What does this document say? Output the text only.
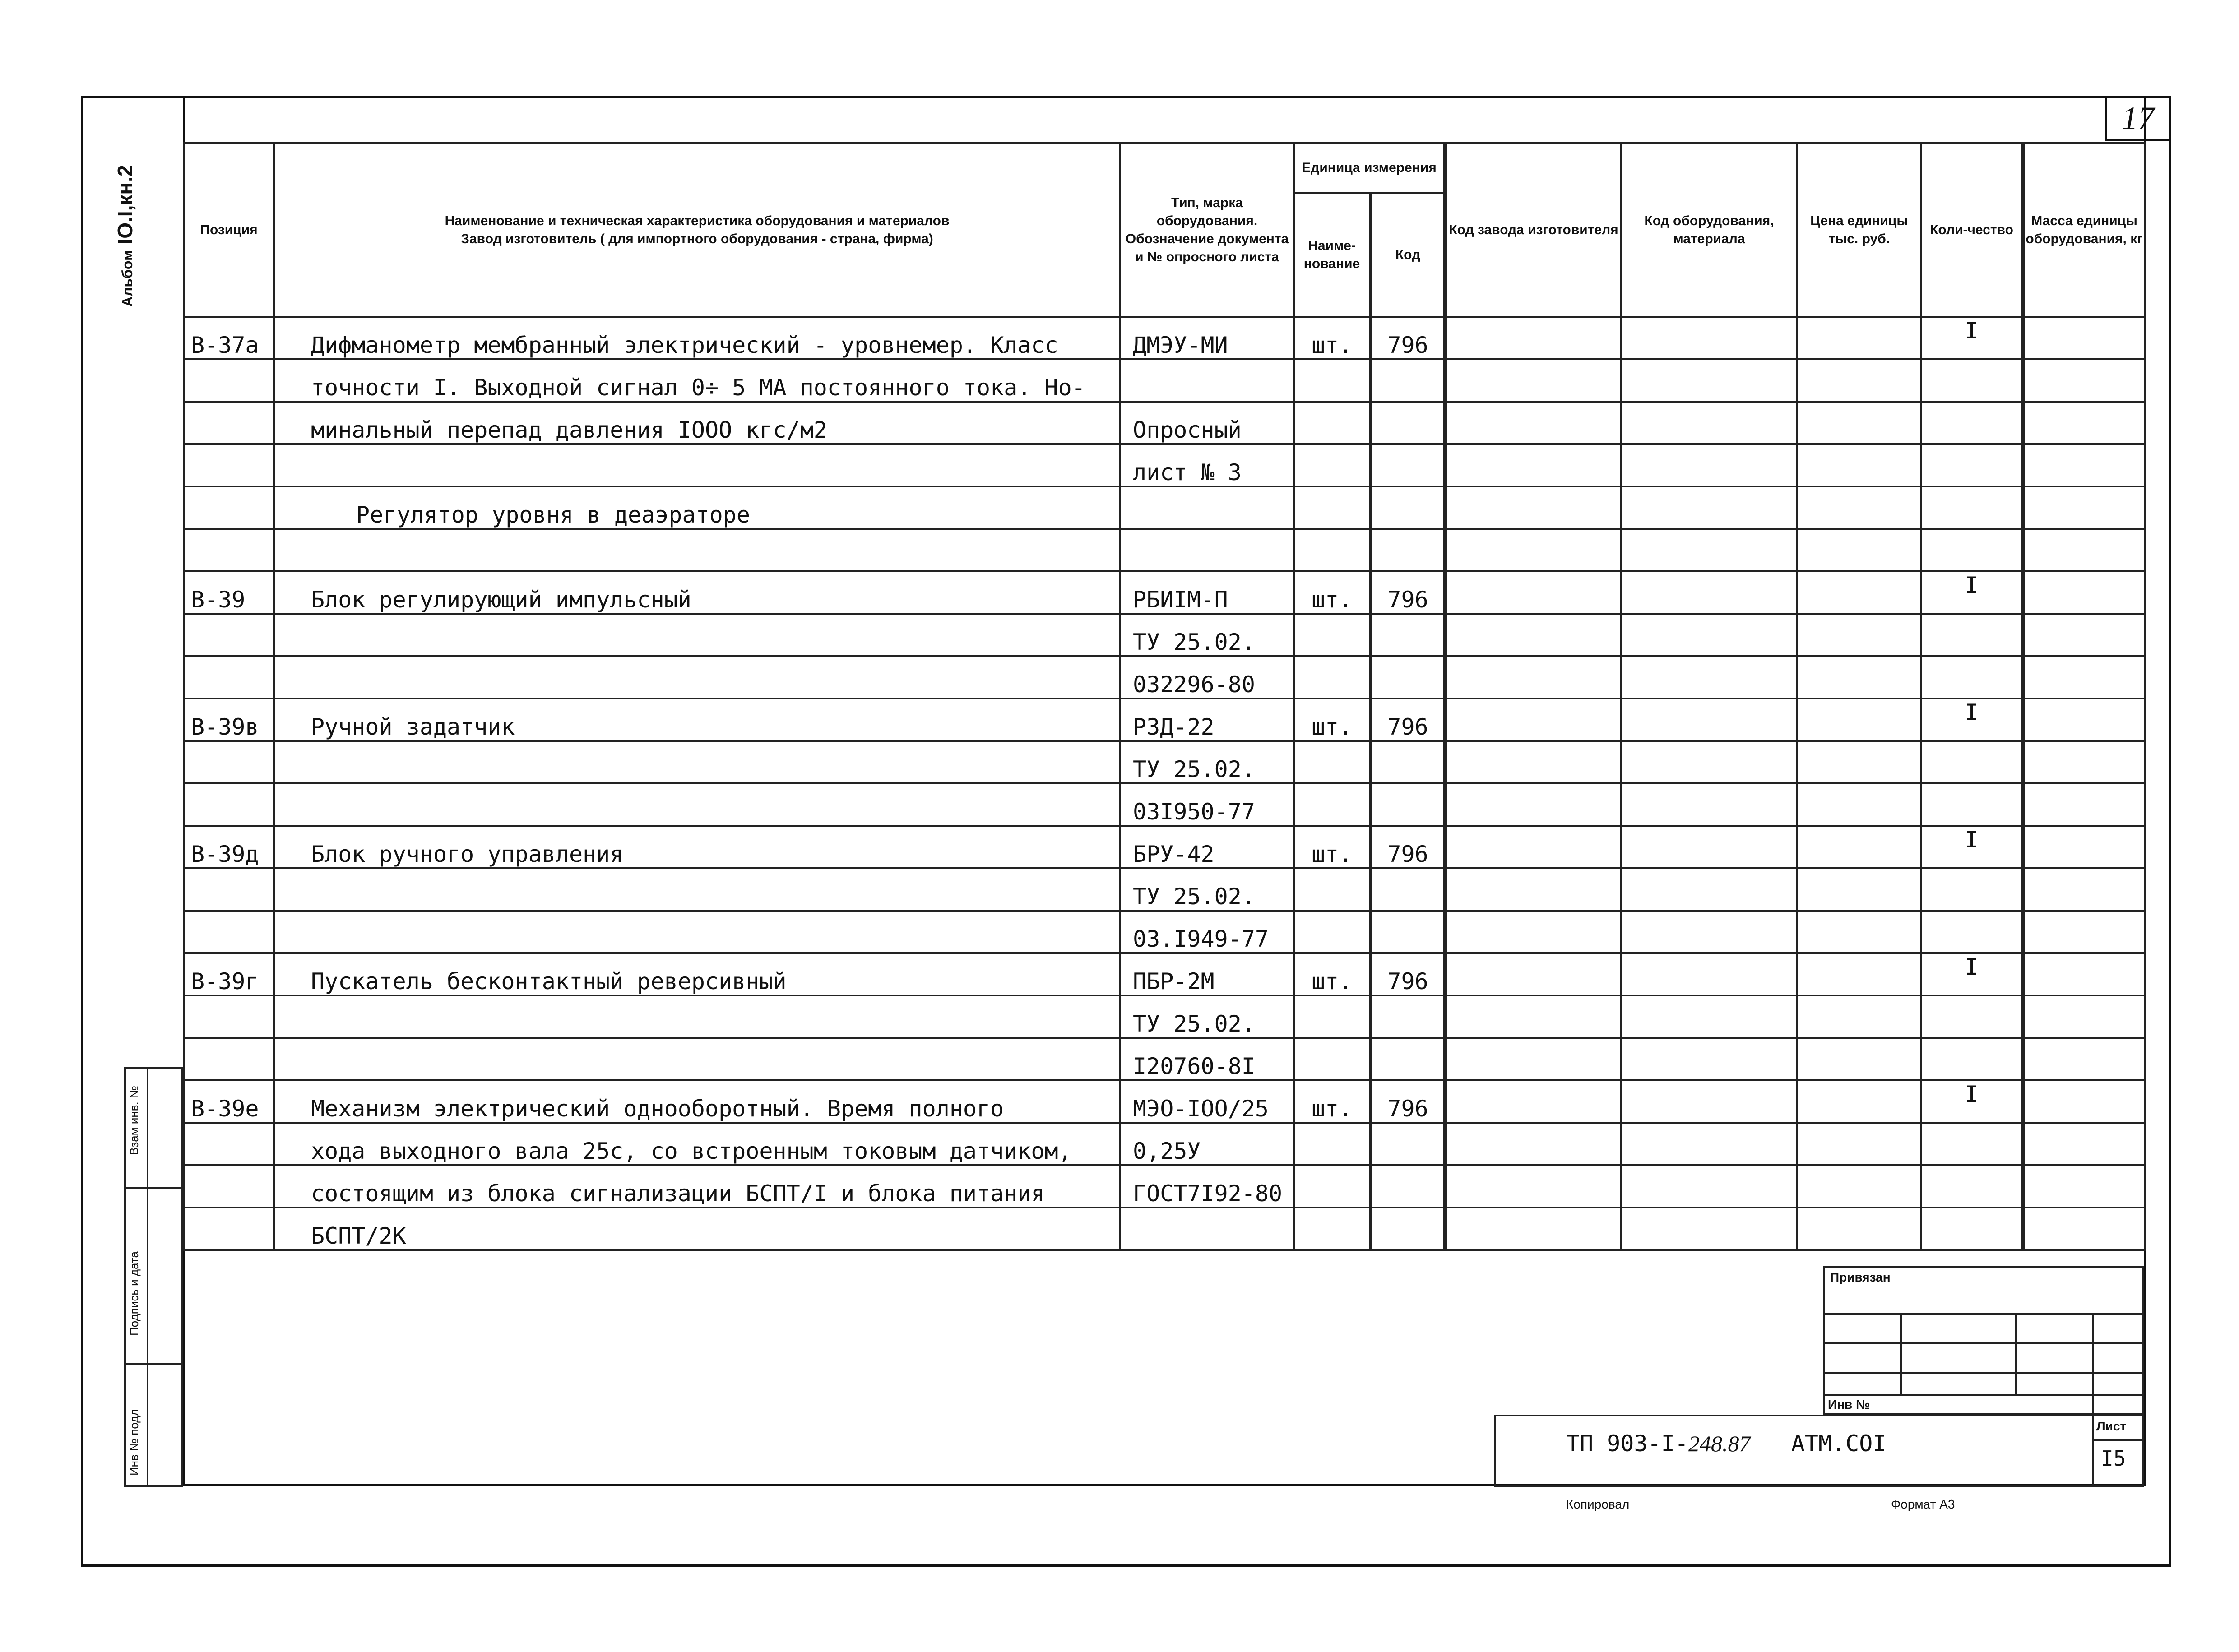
17
Альбом IO.I,кн.2
Взам инв. №
Подпись и дата
Инв № подл
Позиция	Наименование и техническая характеристика оборудования и материалов
Завод изготовитель ( для импортного оборудования - страна, фирма)	Тип, марка оборудования. Обозначение документа и № опросного листа	Единица измерения		Код завода изготовителя	Код оборудования, материала	Цена единицы тыс. руб.	Коли-чество	Масса единицы оборудования, кг
			Наиме-нование	Код					
В-37а	Дифманометр мембранный электрический - уровнемер. Класс	ДМЭУ-МИ	шт.	796				I	
	точности I. Выходной сигнал 0÷ 5 МА постоянного тока. Но-								
	минальный перепад давления IOOO кгс/м2	Опросный							
		лист № 3							
	Регулятор уровня в деаэраторе								

В-39	Блок регулирующий импульсный	РБИIМ-П	шт.	796				I	
		ТУ 25.02.							
		032296-80							
В-39в	Ручной задатчик	РЗД-22	шт.	796				I	
		ТУ 25.02.							
		03I950-77							
В-39д	Блок ручного управления	БРУ-42	шт.	796				I	
		ТУ 25.02.							
		03.I949-77							
В-39г	Пускатель бесконтактный реверсивный	ПБР-2М	шт.	796				I	
		ТУ 25.02.							
		I20760-8I							
В-39е	Механизм электрический однооборотный. Время полного	МЭО-IOO/25	шт.	796				I	
	хода выходного вала 25с, со встроенным токовым датчиком,	0,25У							
	состоящим из блока сигнализации БСПТ/I и блока питания	ГОСТ7I92-80							
	БСПТ/2К								
Привязан
Инв №
ТП 903-I-248.87 АТМ.COI
Лист
I5
Копировал	Формат А3
